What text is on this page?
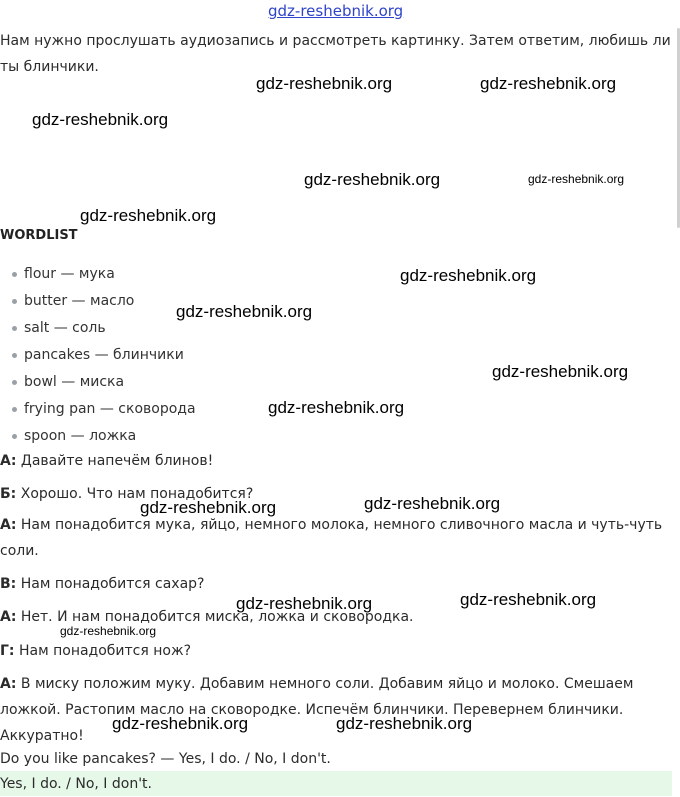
gdz-reshebnik.org

Нам нужно прослушать аудиозапись и рассмотреть картинку. Затем ответим, любишь ли ты блинчики.

WORDLIST
flour — мука
butter — масло
salt — соль
pancakes — блинчики
bowl — миска
frying pan — сковорода
spoon — ложка

А: Давайте напечём блинов!

Б: Хорошо. Что нам понадобится?

А: Нам понадобится мука, яйцо, немного молока, немного сливочного масла и чуть-чуть соли.

В: Нам понадобится сахар?

А: Нет. И нам понадобится миска, ложка и сковородка.

Г: Нам понадобится нож?

А: В миску положим муку. Добавим немного соли. Добавим яйцо и молоко. Смешаем ложкой. Растопим масло на сковородке. Испечём блинчики. Перевернем блинчики. Аккуратно!

Do you like pancakes? — Yes, I do. / No, I don't.

Yes, I do. / No, I don't.
gdz-reshebnik.org	gdz-reshebnik.org
gdz-reshebnik.org
gdz-reshebnik.org	gdz-reshebnik.org
gdz-reshebnik.org
gdz-reshebnik.org
gdz-reshebnik.org
gdz-reshebnik.org
gdz-reshebnik.org
gdz-reshebnik.org
gdz-reshebnik.org
gdz-reshebnik.org	gdz-reshebnik.org
gdz-reshebnik.org
gdz-reshebnik.org	gdz-reshebnik.org
